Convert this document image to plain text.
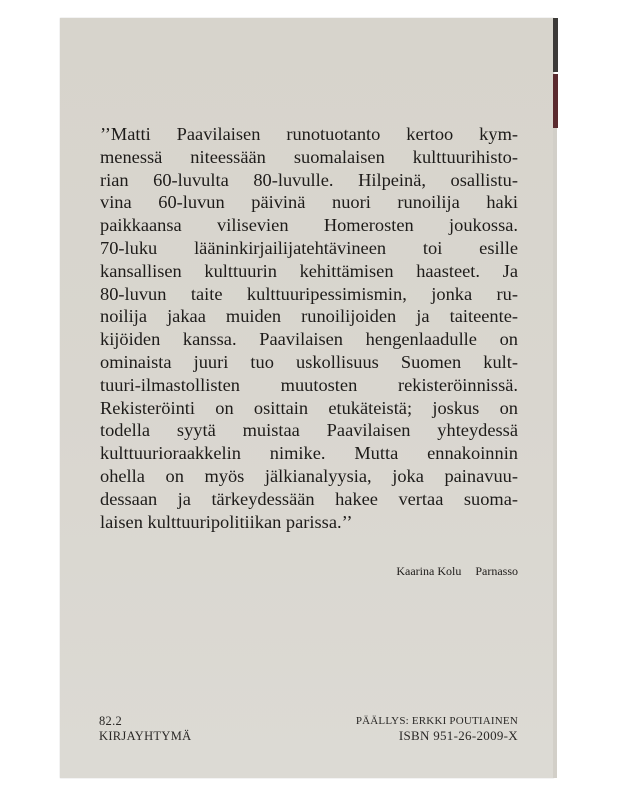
’’Matti Paavilaisen runotuotanto kertoo kym-
menessä niteessään suomalaisen kulttuurihisto-
rian 60-luvulta 80-luvulle. Hilpeinä, osallistu-
vina 60-luvun päivinä nuori runoilija haki
paikkaansa vilisevien Homerosten joukossa.
70-luku lääninkirjailijatehtävineen toi esille
kansallisen kulttuurin kehittämisen haasteet. Ja
80-luvun taite kulttuuripessimismin, jonka ru-
noilija jakaa muiden runoilijoiden ja taiteente-
kijöiden kanssa. Paavilaisen hengenlaadulle on
ominaista juuri tuo uskollisuus Suomen kult-
tuuri-ilmastollisten muutosten rekisteröinnissä.
Rekisteröinti on osittain etukäteistä; joskus on
todella syytä muistaa Paavilaisen yhteydessä
kulttuurioraakkelin nimike. Mutta ennakoinnin
ohella on myös jälkianalyysia, joka painavuu-
dessaan ja tärkeydessään hakee vertaa suoma-
laisen kulttuuripolitiikan parissa.’’
Kaarina Kolu Parnasso
82.2
KIRJAYHTYMÄ
PÄÄLLYS: ERKKI POUTIAINEN
ISBN 951-26-2009-X
